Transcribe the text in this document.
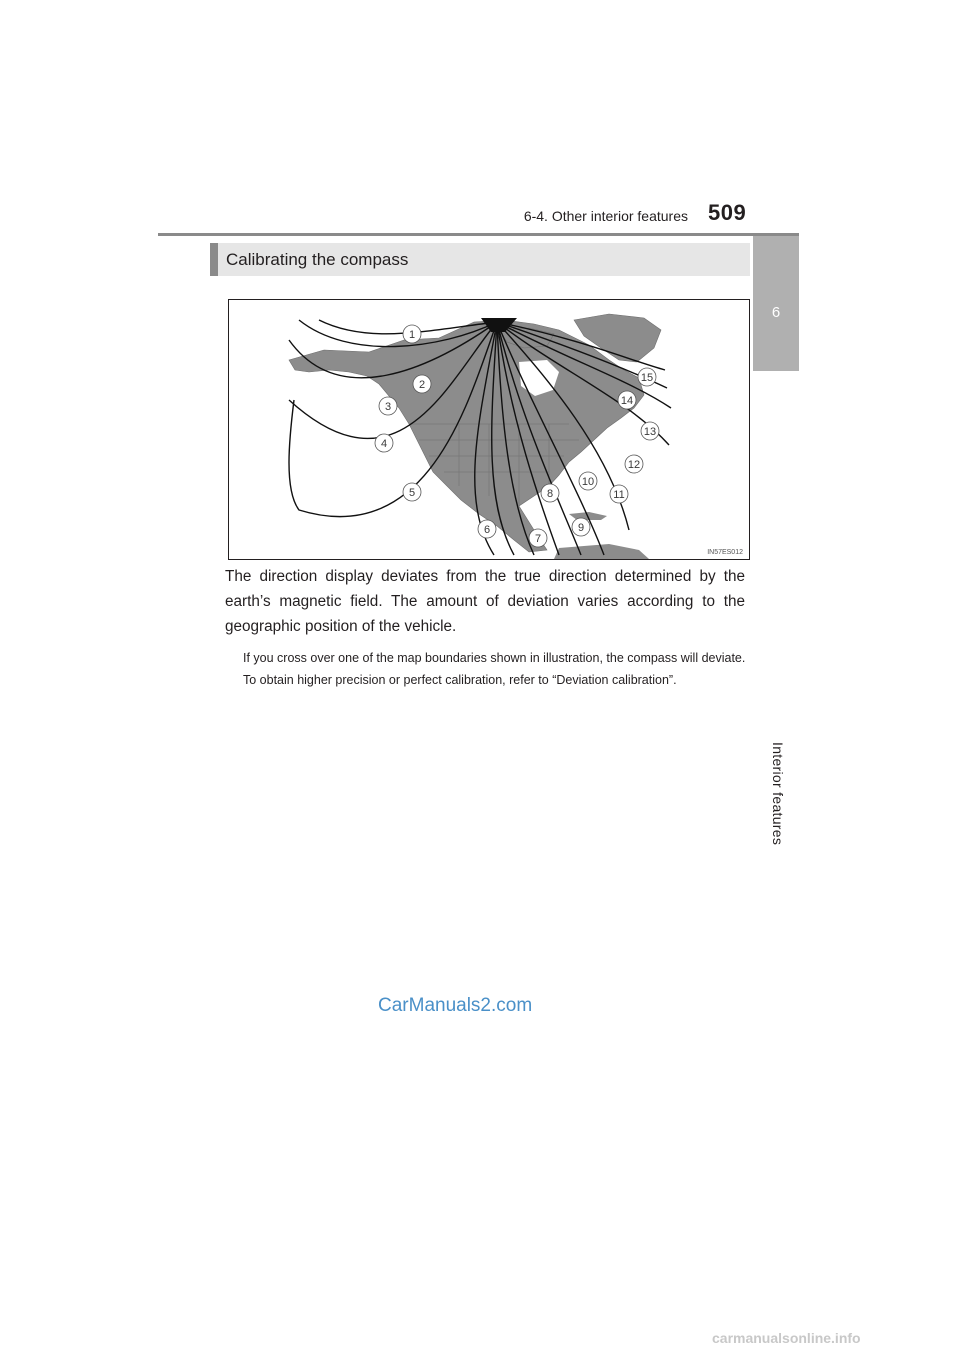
6-4. Other interior features 509
6
Interior features
Calibrating the compass
1
2
3
4
5
6
7
8
9
10
11
12
13
14
15
IN57ES012
The direction display deviates from the true direction determined by the earth’s magnetic field. The amount of deviation varies according to the geographic position of the vehicle.

If you cross over one of the map boundaries shown in illustration, the compass will deviate.

To obtain higher precision or perfect calibration, refer to “Deviation calibration”.

CarManuals2.com
carmanualsonline.info
